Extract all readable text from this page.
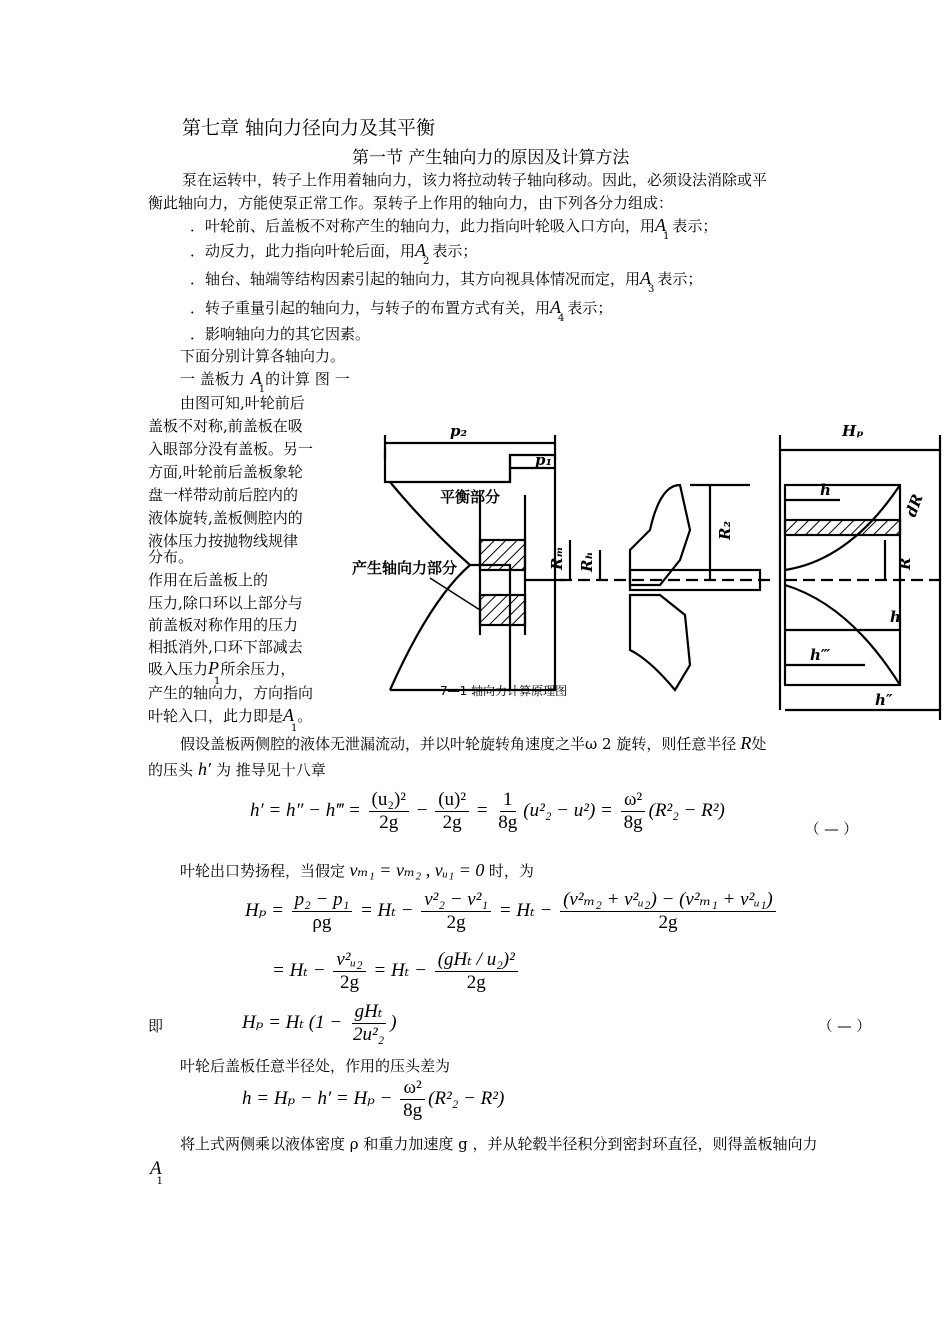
第七章 轴向力径向力及其平衡
第一节 产生轴向力的原因及计算方法
泵在运转中，转子上作用着轴向力，该力将拉动转子轴向移动。因此，必须设法消除或平
衡此轴向力，方能使泵正常工作。泵转子上作用的轴向力，由下列各分力组成：
．叶轮前、后盖板不对称产生的轴向力，此力指向叶轮吸入口方向，用$A_1$表示；
．动反力，此力指向叶轮后面，用$A_2$表示；
．轴台、轴端等结构因素引起的轴向力，其方向视具体情况而定，用$A_3$表示；
．转子重量引起的轴向力，与转子的布置方式有关，用$A_4$表示；
．影响轴向力的其它因素。
下面分别计算各轴向力。
一 盖板力 $A_1$的计算 图 一
由图可知,叶轮前后
盖板不对称,前盖板在吸
入眼部分没有盖板。另一
方面,叶轮前后盖板象轮
盘一样带动前后腔内的
液体旋转,盖板侧腔内的
液体压力按抛物线规律
分布。
作用在后盖板上的
压力,除口环以上部分与
前盖板对称作用的压力
相抵消外,口环下部减去
吸入压力$P_1$所余压力，
产生的轴向力，方向指向
叶轮入口，此力即是$A_1$。
p₂
p₁
Rₘ Rₕ
R₂
Hₚ
h
dR
R
h
h‴
h″
平衡部分
产生轴向力部分
7—1 轴向力计算原理图
假设盖板两侧腔的液体无泄漏流动，并以叶轮旋转角速度之半ω 2 旋转，则任意半径 R处
的压头 h′ 为 推导见十八章
h′ = h″ − h‴ = $\frac{\text{(u₂)²}}{2g} - \frac{\text{(u)²}}{2g} = \frac{1}{8g} (u^2_2 - u^2) = \frac{\text{ω²}}{8g} (R^2_2 - R^2)$
（ — ）
叶轮出口势扬程，当假定 vₘ₁ = vₘ₂ , vᵤ₁ = 0 时，为
$H_p = \frac{\text{p₂ − p₁}}{\rho g} = H_t - \frac{\text{v²₂ − v²₁}}{2g} = H_t - \frac{\text{(v²ₘ₂ + v²ᵤ₂) − (v²ₘ₁ + v²ᵤ₁)}}{2g}$
= $H_t - \frac{\text{v²ᵤ₂}}{2g} = H_t - \frac{\text{(gHₜ / u₂)²}}{2g}$
即	Hₚ = Hₜ ($1 - \frac{\text{gHₜ}}{\text{2u²₂}}$ )	（ — ）
叶轮后盖板任意半径处，作用的压头差为
$h = H_p - h' = H_p - \frac{\text{ω²}}{8g} (R^2_2 - R^2)$
将上式两侧乘以液体密度 ρ 和重力加速度 g ，并从轮毂半径积分到密封环直径，则得盖板轴向力
$A_1$
